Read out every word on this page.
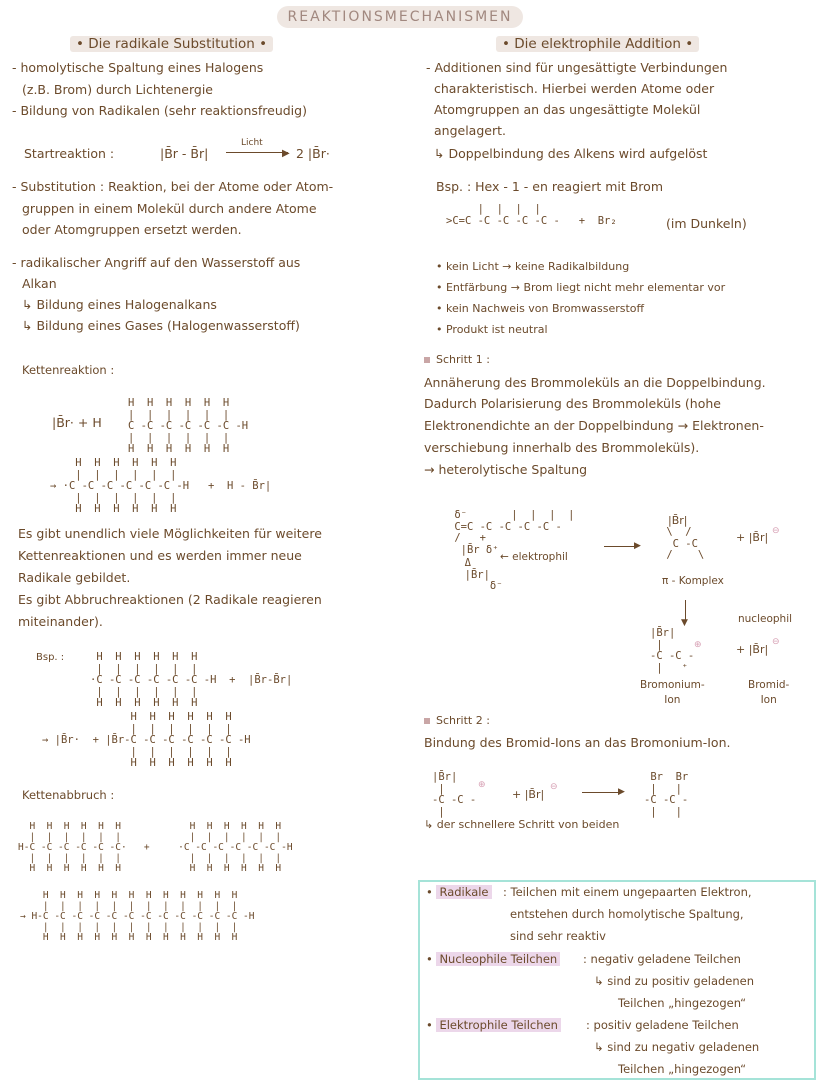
REAKTIONSMECHANISMEN
• Die radikale Substitution •
- homolytische Spaltung eines Halogens
(z.B. Brom) durch Lichtenergie
- Bildung von Radikalen (sehr reaktionsfreudig)
Startreaktion :	|B̄r - B̄r|
Licht
▶ 2 |B̄r·
- Substitution : Reaktion, bei der Atome oder Atom-
gruppen in einem Molekül durch andere Atome
oder Atomgruppen ersetzt werden.
- radikalischer Angriff auf den Wasserstoff aus
Alkan
↳ Bildung eines Halogenalkans
↳ Bildung eines Gases (Halogenwasserstoff)
Kettenreaktion :
|B̄r· + H
H  H  H  H  H  H
|  |  |  |  |  |
C -C -C -C -C -C -H
|  |  |  |  |  |
H  H  H  H  H  H
H  H  H  H  H  H
|  |  |  |  |  |
→ ·C -C -C -C -C -C -H   +  H - B̄r|
|  |  |  |  |  |
H  H  H  H  H  H
Es gibt unendlich viele Möglichkeiten für weitere
Kettenreaktionen und es werden immer neue
Radikale gebildet.
Es gibt Abbruchreaktionen (2 Radikale reagieren
miteinander).
Bsp. :	H  H  H  H  H  H
|  |  |  |  |  |
·C -C -C -C -C -C -H  +  |B̄r-B̄r|
|  |  |  |  |  |
H  H  H  H  H  H
H  H  H  H  H  H
|  |  |  |  |  |
→ |B̄r·  + |B̄r-C -C -C -C -C -C -H
|  |  |  |  |  |
H  H  H  H  H  H
Kettenabbruch :
H  H  H  H  H  H            H  H  H  H  H  H
|  |  |  |  |  |            |  |  |  |  |  |
H-C -C -C -C -C -C·   +     ·C -C -C -C -C -C -H
|  |  |  |  |  |            |  |  |  |  |  |
H  H  H  H  H  H            H  H  H  H  H  H
H  H  H  H  H  H  H  H  H  H  H  H
|  |  |  |  |  |  |  |  |  |  |  |
→ H-C -C -C -C -C -C -C -C -C -C -C -C -H
|  |  |  |  |  |  |  |  |  |  |  |
H  H  H  H  H  H  H  H  H  H  H  H
• Die elektrophile Addition •
- Additionen sind für ungesättigte Verbindungen
charakteristisch. Hierbei werden Atome oder
Atomgruppen an das ungesättigte Molekül
angelagert.
↳ Doppelbindung des Alkens wird aufgelöst
Bsp. : Hex - 1 - en reagiert mit Brom
|  |  |  |
>C=C -C -C -C -C -   +  Br₂	(im Dunkeln)
• kein Licht → keine Radikalbildung
• Entfärbung → Brom liegt nicht mehr elementar vor
• kein Nachweis von Bromwasserstoff
• Produkt ist neutral
Schritt 1 :
Annäherung des Brommoleküls an die Doppelbindung.
Dadurch Polarisierung des Brommoleküls (hohe
Elektronendichte an der Doppelbindung → Elektronen-
verschiebung innerhalb des Brommoleküls).
→ heterolytische Spaltung
δ⁻       |  |  |  |
C=C -C -C -C -C -
/   +
|B̄r δ⁺
← elektrophil
Δ
|B̄r|
δ⁻
▶
|B̄r|
\  /
C -C
/    \
π - Komplex
+ |B̄r| ⊖
▼	nucleophil
|B̄r|
|
-C -C -
|   ⁺
⊕	+ |B̄r|
⊖
Bromonium-
Ion
Bromid-
Ion
Schritt 2 :
Bindung des Bromid-Ions an das Bromonium-Ion.
|B̄r|
|
-C -C -
|
⊕
+ |B̄r|
⊖	▶
Br  Br
|   |
-C -C -
|   |
↳ der schnellere Schritt von beiden
• Radikale : Teilchen mit einem ungepaarten Elektron,
entstehen durch homolytische Spaltung,
sind sehr reaktiv
• Nucleophile Teilchen : negativ geladene Teilchen
↳ sind zu positiv geladenen
Teilchen „hingezogen“
• Elektrophile Teilchen : positiv geladene Teilchen
↳ sind zu negativ geladenen
Teilchen „hingezogen“
